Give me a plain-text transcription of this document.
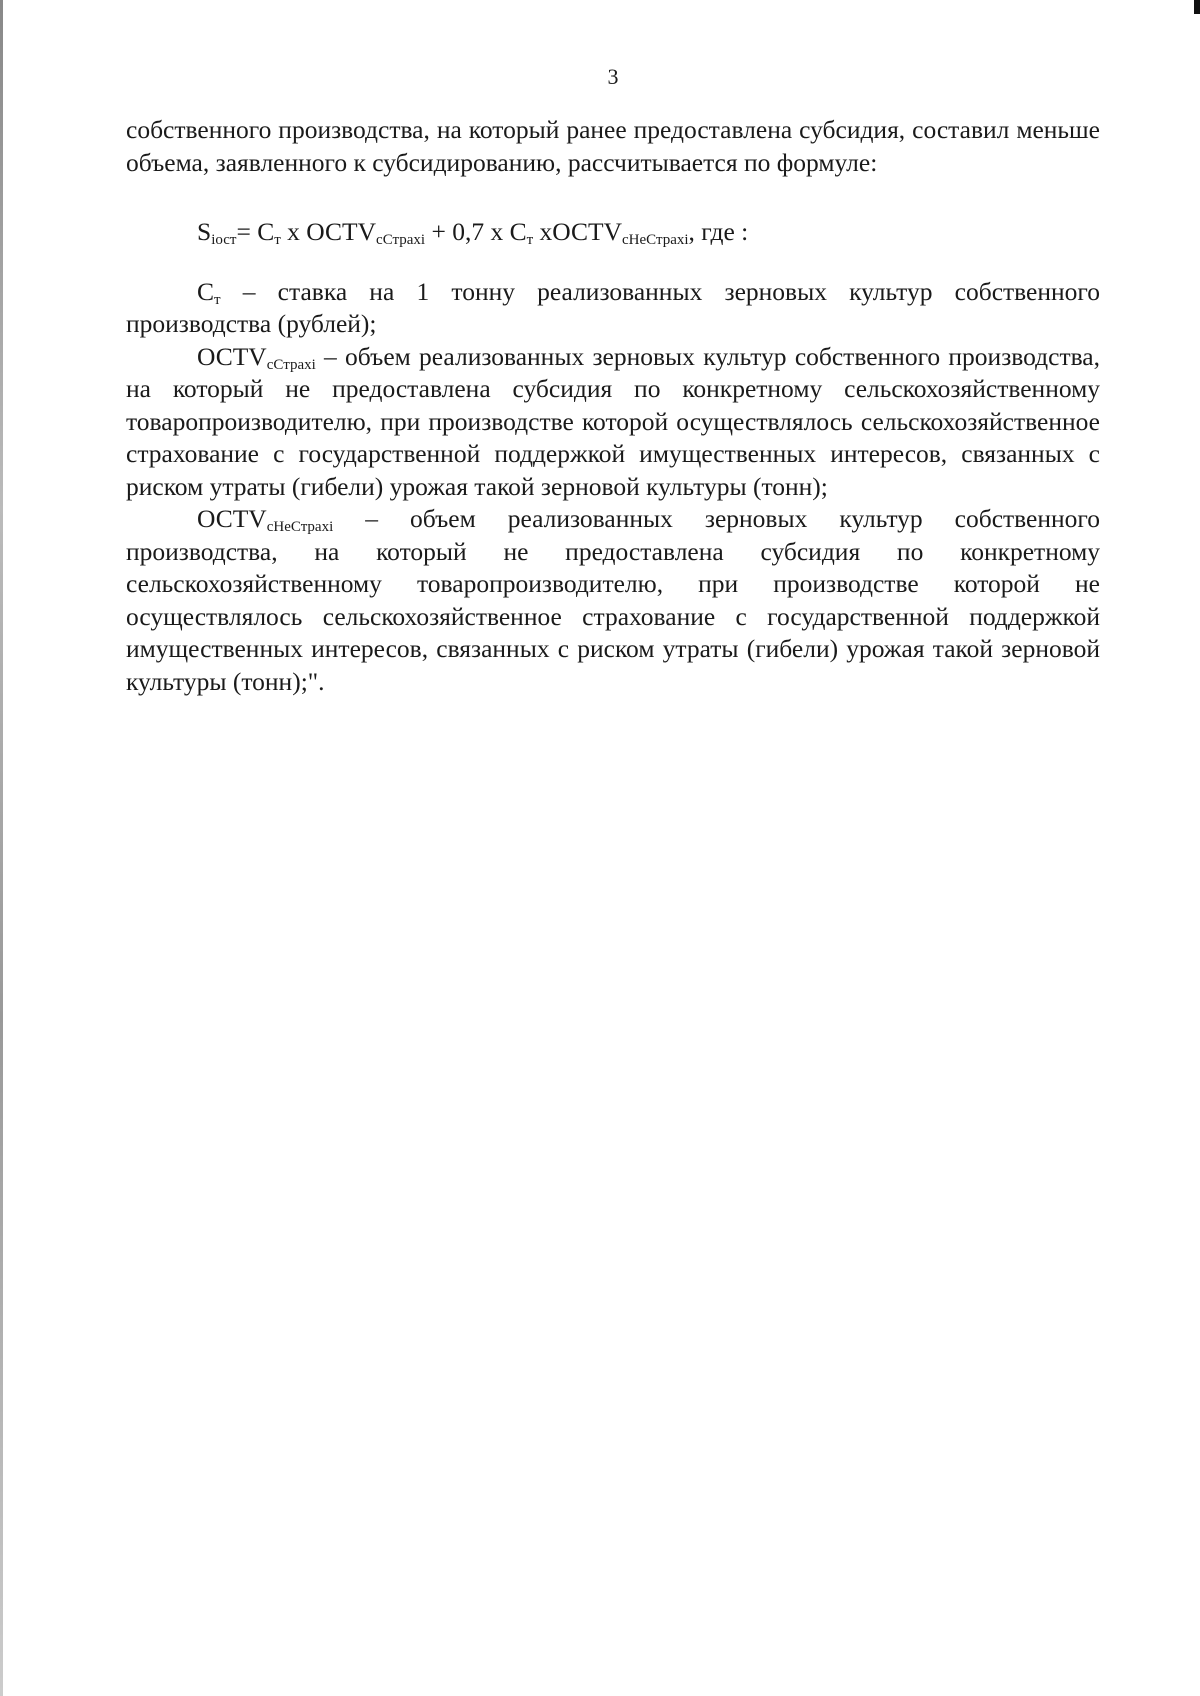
3

собственного производства, на который ранее предоставлена субсидия, составил меньше объема, заявленного к субсидированию, рассчитывается по формуле:

$S_{iост}= С_т$ х $ОСТV_{сСтрахi} + 0,7$ х $С_т$ хОСТV$_{сНеСтрахi}$, где :

$С_т$ – ставка на 1 тонну реализованных зерновых культур собственного производства (рублей);

$ОСТV_{сСтрахi}$ – объем реализованных зерновых культур собственного производства, на который не предоставлена субсидия по конкретному сельскохозяйственному товаропроизводителю, при производстве которой осуществлялось сельскохозяйственное страхование с государственной поддержкой имущественных интересов, связанных с риском утраты (гибели) урожая такой зерновой культуры (тонн);

$ОСТV_{сНеСтрахi}$ – объем реализованных зерновых культур собственного производства, на который не предоставлена субсидия по конкретному сельскохозяйственному товаропроизводителю, при производстве которой не осуществлялось сельскохозяйственное страхование с государственной поддержкой имущественных интересов, связанных с риском утраты (гибели) урожая такой зерновой культуры (тонн);".
